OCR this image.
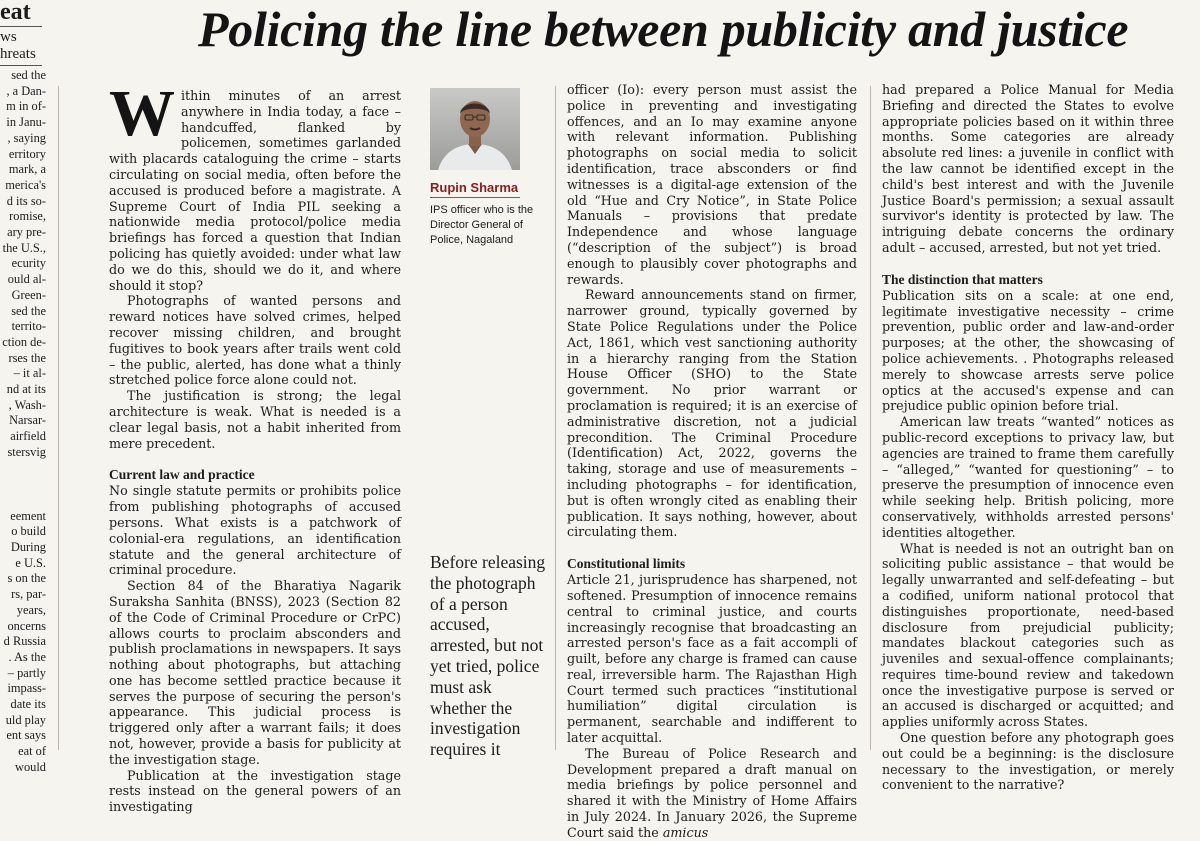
eat

ws

hreats

sed the

, a Dan-

m in of-

in Janu-

, saying

erritory

mark, a

merica's

d its so-

romise,

ary pre-

the U.S.,

ecurity

ould al-

Green-

sed the

territo-

ction de-

rses the

– it al-

nd at its

, Wash-

Narsar-

airfield

stersvig

eement

o build

During

e U.S.

s on the

rs, par-

years,

oncerns

d Russia

. As the

– partly

impass-

date its

uld play

ent says

eat of

would

Policing the line between publicity and justice

Within minutes of an arrest anywhere in India today, a face – handcuffed, flanked by policemen, sometimes garlanded with placards cataloguing the crime – starts circulating on social media, often before the accused is produced before a magistrate. A Supreme Court of India PIL seeking a nationwide media protocol/police media briefings has forced a question that Indian policing has quietly avoided: under what law do we do this, should we do it, and where should it stop?

Photographs of wanted persons and reward notices have solved crimes, helped recover missing children, and brought fugitives to book years after trails went cold – the public, alerted, has done what a thinly stretched police force alone could not.

The justification is strong; the legal architecture is weak. What is needed is a clear legal basis, not a habit inherited from mere precedent.

Current law and practice

No single statute permits or prohibits police from publishing photographs of accused persons. What exists is a patchwork of colonial-era regulations, an identification statute and the general architecture of criminal procedure.

Section 84 of the Bharatiya Nagarik Suraksha Sanhita (BNSS), 2023 (Section 82 of the Code of Criminal Procedure or CrPC) allows courts to proclaim absconders and publish proclamations in newspapers. It says nothing about photographs, but attaching one has become settled practice because it serves the purpose of securing the person's appearance. This judicial process is triggered only after a warrant fails; it does not, however, provide a basis for publicity at the investigation stage.

Publication at the investigation stage rests instead on the general powers of an investigating

Rupin Sharma

IPS officer who is the Director General of Police, Nagaland

Before releasing the photograph of a person accused, arrested, but not yet tried, police must ask whether the investigation requires it

officer (Io): every person must assist the police in preventing and investigating offences, and an Io may examine anyone with relevant information. Publishing photographs on social media to solicit identification, trace absconders or find witnesses is a digital-age extension of the old “Hue and Cry Notice”, in State Police Manuals – provisions that predate Independence and whose language (“description of the subject”) is broad enough to plausibly cover photographs and rewards.

Reward announcements stand on firmer, narrower ground, typically governed by State Police Regulations under the Police Act, 1861, which vest sanctioning authority in a hierarchy ranging from the Station House Officer (SHO) to the State government. No prior warrant or proclamation is required; it is an exercise of administrative discretion, not a judicial precondition. The Criminal Procedure (Identification) Act, 2022, governs the taking, storage and use of measurements – including photographs – for identification, but is often wrongly cited as enabling their publication. It says nothing, however, about circulating them.

Constitutional limits

Article 21, jurisprudence has sharpened, not softened. Presumption of innocence remains central to criminal justice, and courts increasingly recognise that broadcasting an arrested person's face as a fait accompli of guilt, before any charge is framed can cause real, irreversible harm. The Rajasthan High Court termed such practices “institutional humiliation” digital circulation is permanent, searchable and indifferent to later acquittal.

The Bureau of Police Research and Development prepared a draft manual on media briefings by police personnel and shared it with the Ministry of Home Affairs in July 2024. In January 2026, the Supreme Court said the amicus

had prepared a Police Manual for Media Briefing and directed the States to evolve appropriate policies based on it within three months. Some categories are already absolute red lines: a juvenile in conflict with the law cannot be identified except in the child's best interest and with the Juvenile Justice Board's permission; a sexual assault survivor's identity is protected by law. The intriguing debate concerns the ordinary adult – accused, arrested, but not yet tried.

The distinction that matters

Publication sits on a scale: at one end, legitimate investigative necessity – crime prevention, public order and law-and-order purposes; at the other, the showcasing of police achievements. . Photographs released merely to showcase arrests serve police optics at the accused's expense and can prejudice public opinion before trial.

American law treats “wanted” notices as public-record exceptions to privacy law, but agencies are trained to frame them carefully – “alleged,” “wanted for questioning” – to preserve the presumption of innocence even while seeking help. British policing, more conservatively, withholds arrested persons' identities altogether.

What is needed is not an outright ban on soliciting public assistance – that would be legally unwarranted and self-defeating – but a codified, uniform national protocol that distinguishes proportionate, need-based disclosure from prejudicial publicity; mandates blackout categories such as juveniles and sexual-offence complainants; requires time-bound review and takedown once the investigative purpose is served or an accused is discharged or acquitted; and applies uniformly across States.

One question before any photograph goes out could be a beginning: is the disclosure necessary to the investigation, or merely convenient to the narrative?
